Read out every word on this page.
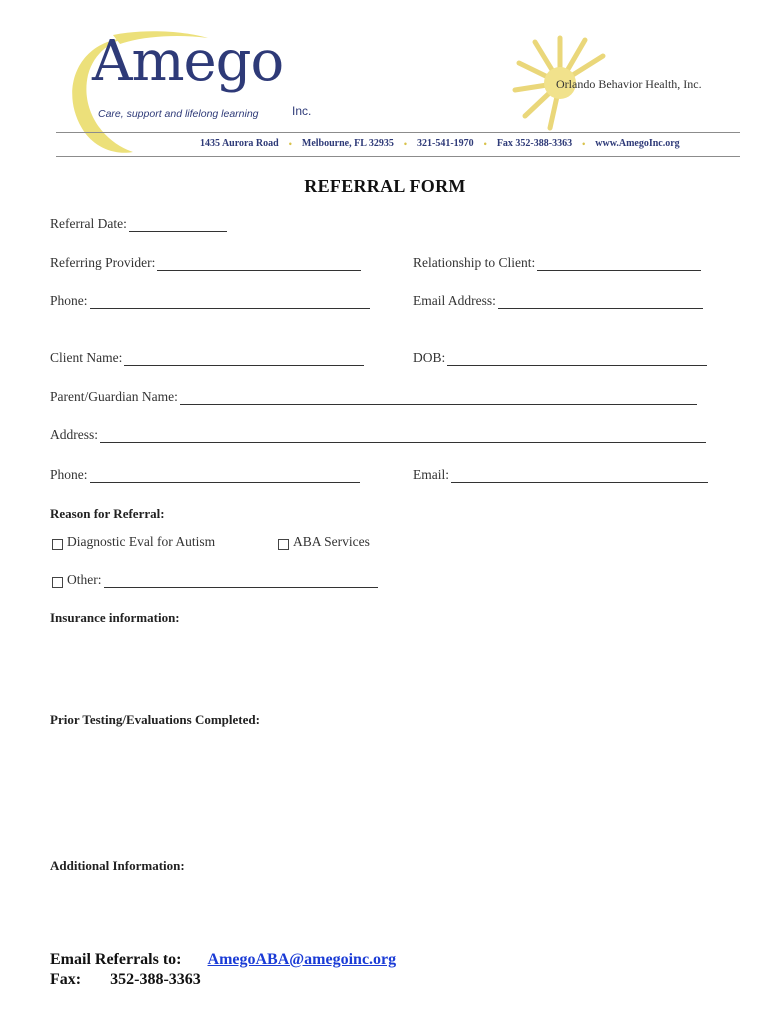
Amego
Care, support and lifelong learning	Inc.
Orlando Behavior Health, Inc.
1435 Aurora Road • Melbourne, FL 32935 • 321-541-1970 • Fax 352-388-3363 • www.AmegoInc.org
REFERRAL FORM
Referral Date:
Referring Provider:	Relationship to Client:
Phone:	Email Address:
Client Name:	DOB:
Parent/Guardian Name:
Address:
Phone:	Email:
Reason for Referral:
Diagnostic Eval for Autism	ABA Services
Other:
Insurance information:
Prior Testing/Evaluations Completed:
Additional Information:
Email Referrals to: AmegoABA@amegoinc.org
Fax: 352-388-3363
